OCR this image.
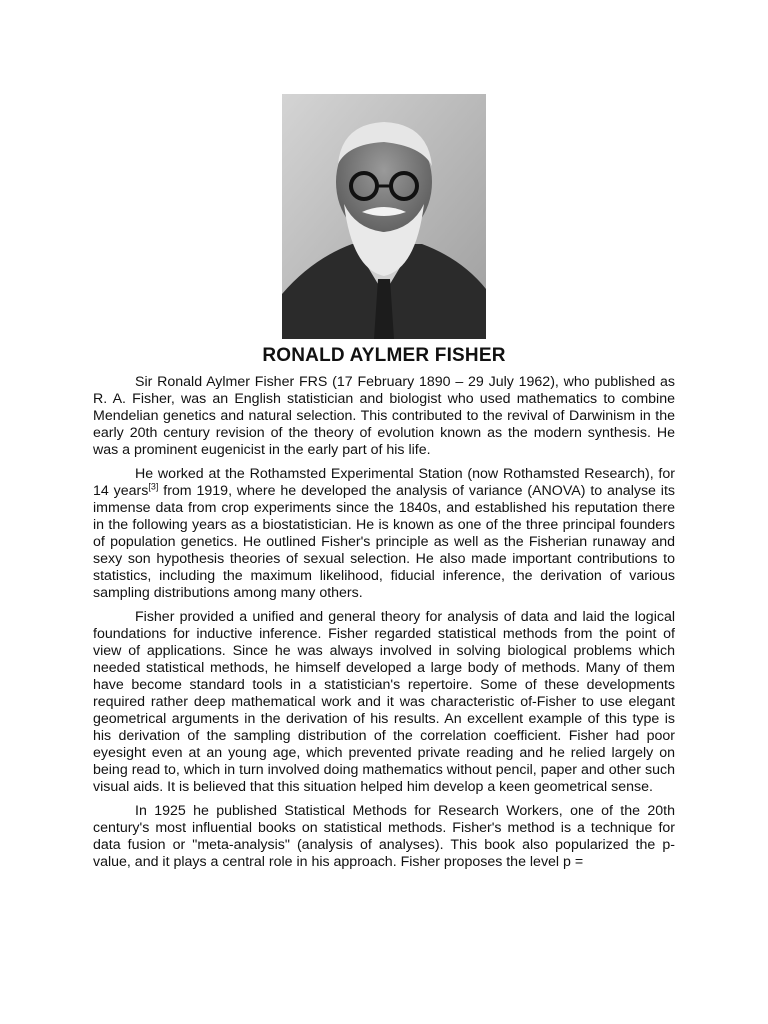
RONALD AYLMER FISHER

Sir Ronald Aylmer Fisher FRS (17 February 1890 – 29 July 1962), who published as R. A. Fisher, was an English statistician and biologist who used mathematics to combine Mendelian genetics and natural selection. This contributed to the revival of Darwinism in the early 20th century revision of the theory of evolution known as the modern synthesis. He was a prominent eugenicist in the early part of his life.

He worked at the Rothamsted Experimental Station (now Rothamsted Research), for 14 years[3] from 1919, where he developed the analysis of variance (ANOVA) to analyse its immense data from crop experiments since the 1840s, and established his reputation there in the following years as a biostatistician. He is known as one of the three principal founders of population genetics. He outlined Fisher's principle as well as the Fisherian runaway and sexy son hypothesis theories of sexual selection. He also made important contributions to statistics, including the maximum likelihood, fiducial inference, the derivation of various sampling distributions among many others.

Fisher provided a unified and general theory for analysis of data and laid the logical foundations for inductive inference. Fisher regarded statistical methods from the point of view of applications. Since he was always involved in solving biological problems which needed statistical methods, he himself developed a large body of methods. Many of them have become standard tools in a statistician's repertoire. Some of these developments required rather deep mathematical work and it was characteristic of-Fisher to use elegant geometrical arguments in the derivation of his results. An excellent example of this type is his derivation of the sampling distribution of the correlation coefficient. Fisher had poor eyesight even at an young age, which prevented private reading and he relied largely on being read to, which in turn involved doing mathematics without pencil, paper and other such visual aids. It is believed that this situation helped him develop a keen geometrical sense.

In 1925 he published Statistical Methods for Research Workers, one of the 20th century's most influential books on statistical methods. Fisher's method is a technique for data fusion or "meta-analysis" (analysis of analyses). This book also popularized the p-value, and it plays a central role in his approach. Fisher proposes the level p =
